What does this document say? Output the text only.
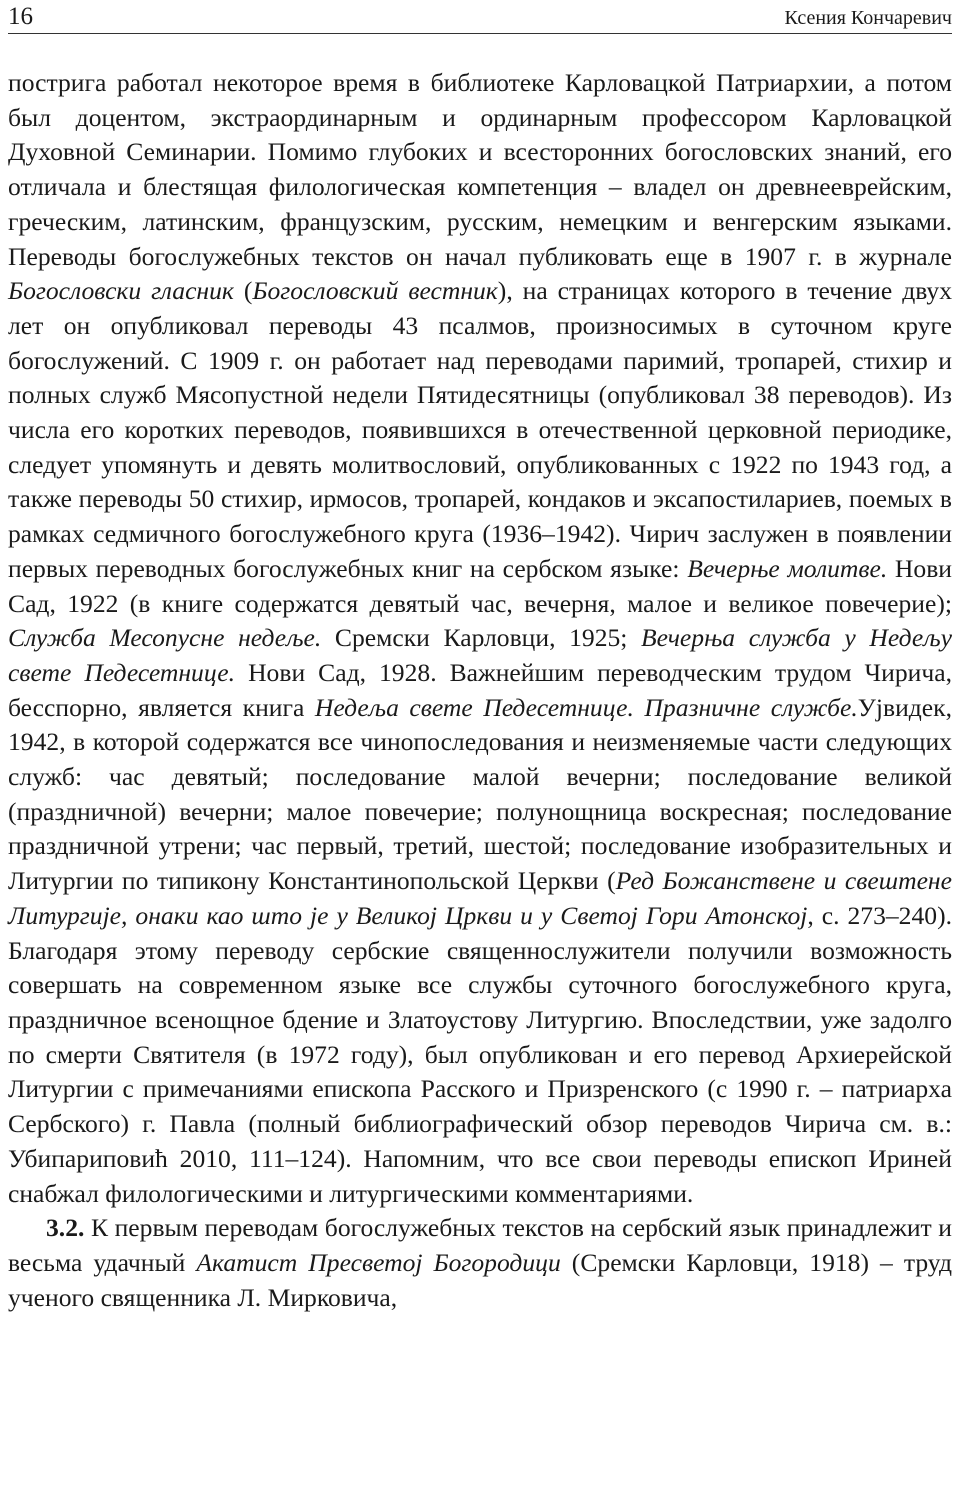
16	Ксения Кончаревич

пострига работал некоторое время в библиотеке Карловацкой Патриархии, а потом был доцентом, экстраординарным и ординарным профессором Карловацкой Духовной Семинарии. Помимо глубоких и всесторонних богословских знаний, его отличала и блестящая филологическая компетенция – владел он древнееврейским, греческим, латинским, французским, русским, немецким и венгерским языками. Переводы богослужебных текстов он начал публиковать еще в 1907 г. в журнале Богословски гласник (Богословский вестник), на страницах которого в течение двух лет он опубликовал переводы 43 псалмов, произносимых в суточном круге богослужений. С 1909 г. он работает над переводами паримий, тропарей, стихир и полных служб Мясопустной недели Пятидесятницы (опубликовал 38 переводов). Из числа его коротких переводов, появившихся в отечественной церковной периодике, следует упомянуть и девять молитвословий, опубликованных с 1922 по 1943 год, а также переводы 50 стихир, ирмосов, тропарей, кондаков и эксапостилариев, поемых в рамках седмичного богослужебного круга (1936–1942). Чирич заслужен в появлении первых переводных богослужебных книг на сербском языке: Вечерње молитве. Нови Сад, 1922 (в книге содержатся девятый час, вечерня, малое и великое повечерие); Служба Месопусне недеље. Сремски Карловци, 1925; Вечерња служба у Недељу свете Педесетнице. Нови Сад, 1928. Важнейшим переводческим трудом Чирича, бесспорно, является книга Недеља свете Педесетнице. Празничне службе.Ујвидек, 1942, в которой содержатся все чинопоследования и неизменяемые части следующих служб: час девятый; последование малой вечерни; последование великой (праздничной) вечерни; малое повечерие; полунощница воскресная; последование праздничной утрени; час первый, третий, шестой; последование изобразительных и Литургии по типикону Константинопольской Церкви (Ред Божанствене и свештене Литургије, онаки као што је у Великој Цркви и у Светој Гори Атонској, с. 273–240). Благодаря этому переводу сербские священнослужители получили возможность совершать на современном языке все службы суточного богослужебного круга, праздничное всенощное бдение и Златоустову Литургию. Впоследствии, уже задолго по смерти Святителя (в 1972 году), был опубликован и его перевод Архиерейской Литургии с примечаниями епископа Расского и Призренского (с 1990 г. – патриарха Сербского) г. Павла (полный библиографический обзор переводов Чирича см. в.: Убипариповић 2010, 111–124). Напомним, что все свои переводы епископ Ириней снабжал филологическими и литургическими комментариями.

3.2. К первым переводам богослужебных текстов на сербский язык принадлежит и весьма удачный Акатист Пресветој Богородици (Сремски Карловци, 1918) – труд ученого священника Л. Мирковича,
